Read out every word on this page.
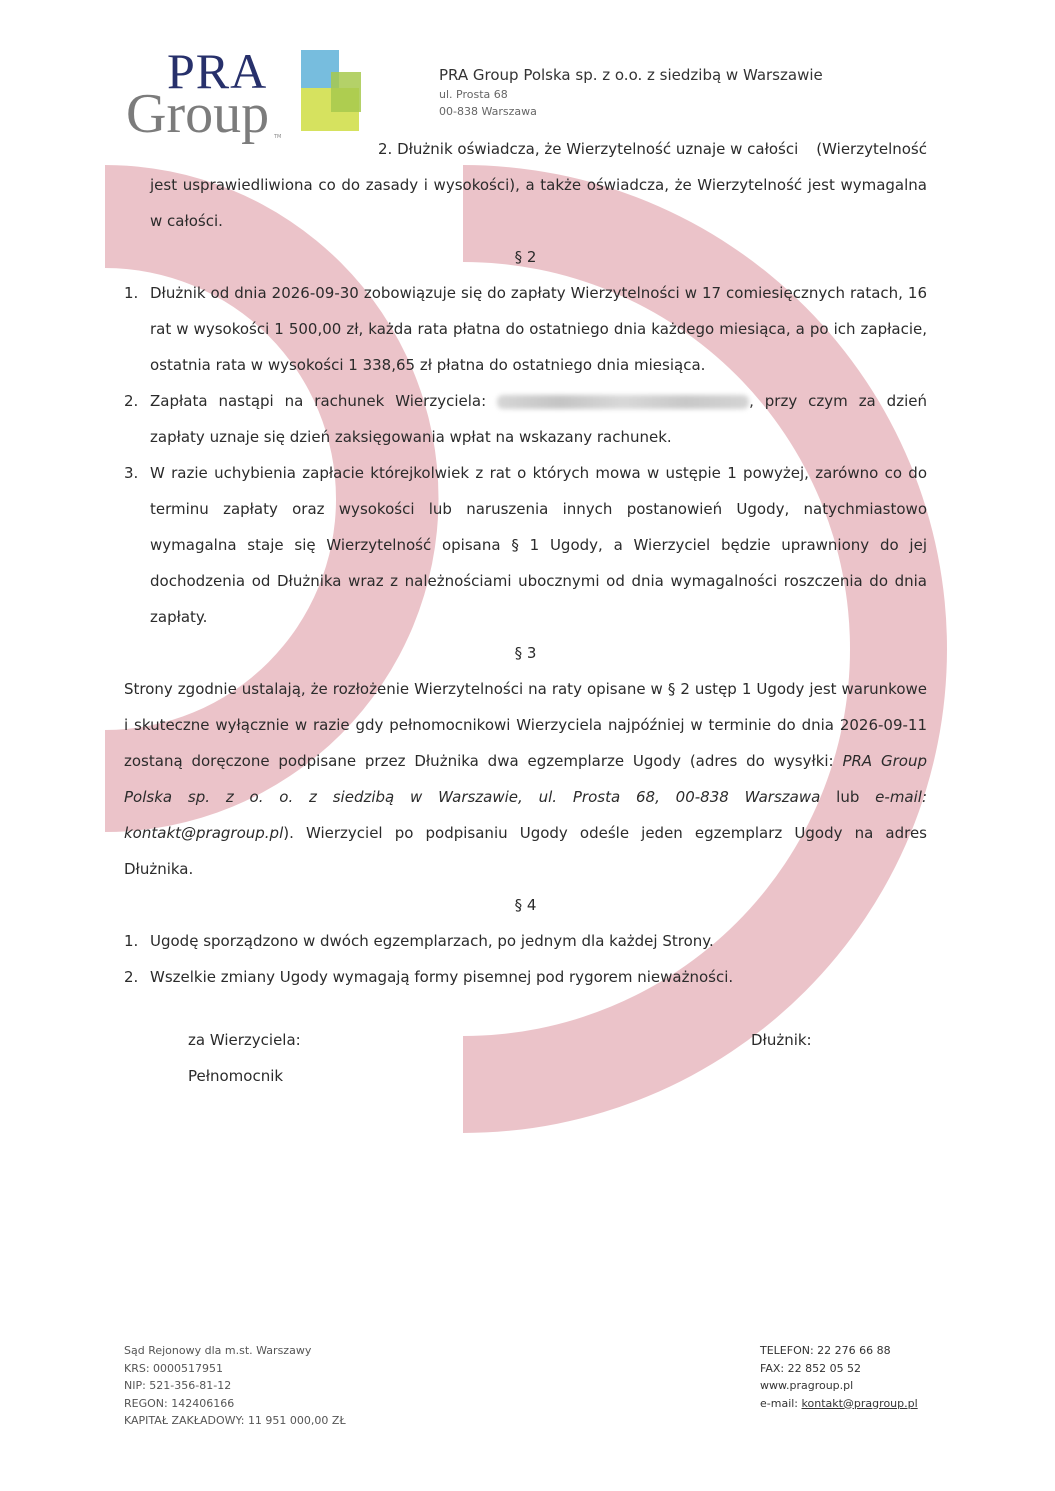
PRA
Group TM
PRA Group Polska sp. z o.o. z siedzibą w Warszawie
ul. Prosta 68
00-838 Warszawa

2. Dłużnik oświadcza, że Wierzytelność uznaje w całości (Wierzytelność jest usprawiedliwiona co do zasady i wysokości), a także oświadcza, że Wierzytelność jest wymagalna w całości.

§ 2

1. Dłużnik od dnia 2026-09-30 zobowiązuje się do zapłaty Wierzytelności w 17 comiesięcznych ratach, 16 rat w wysokości 1 500,00 zł, każda rata płatna do ostatniego dnia każdego miesiąca, a po ich zapłacie, ostatnia rata w wysokości 1 338,65 zł płatna do ostatniego dnia miesiąca.
2. Zapłata nastąpi na rachunek Wierzyciela:	, przy czym za dzień zapłaty uznaje się dzień zaksięgowania wpłat na wskazany rachunek.
3. W razie uchybienia zapłacie którejkolwiek z rat o których mowa w ustępie 1 powyżej, zarówno co do terminu zapłaty oraz wysokości lub naruszenia innych postanowień Ugody, natychmiastowo wymagalna staje się Wierzytelność opisana § 1 Ugody, a Wierzyciel będzie uprawniony do jej dochodzenia od Dłużnika wraz z należnościami ubocznymi od dnia wymagalności roszczenia do dnia zapłaty.

§ 3

Strony zgodnie ustalają, że rozłożenie Wierzytelności na raty opisane w § 2 ustęp 1 Ugody jest warunkowe i skuteczne wyłącznie w razie gdy pełnomocnikowi Wierzyciela najpóźniej w terminie do dnia 2026-09-11 zostaną doręczone podpisane przez Dłużnika dwa egzemplarze Ugody (adres do wysyłki: PRA Group Polska sp. z o. o. z siedzibą w Warszawie, ul. Prosta 68, 00-838 Warszawa lub e-mail: kontakt@pragroup.pl). Wierzyciel po podpisaniu Ugody odeśle jeden egzemplarz Ugody na adres Dłużnika.

§ 4

1. Ugodę sporządzono w dwóch egzemplarzach, po jednym dla każdej Strony.
2. Wszelkie zmiany Ugody wymagają formy pisemnej pod rygorem nieważności.
za Wierzyciela:
Pełnomocnik
Dłużnik:
Sąd Rejonowy dla m.st. Warszawy
KRS: 0000517951
NIP: 521-356-81-12
REGON: 142406166
KAPITAŁ ZAKŁADOWY: 11 951 000,00 ZŁ
TELEFON: 22 276 66 88
FAX: 22 852 05 52
www.pragroup.pl
e-mail: kontakt@pragroup.pl
